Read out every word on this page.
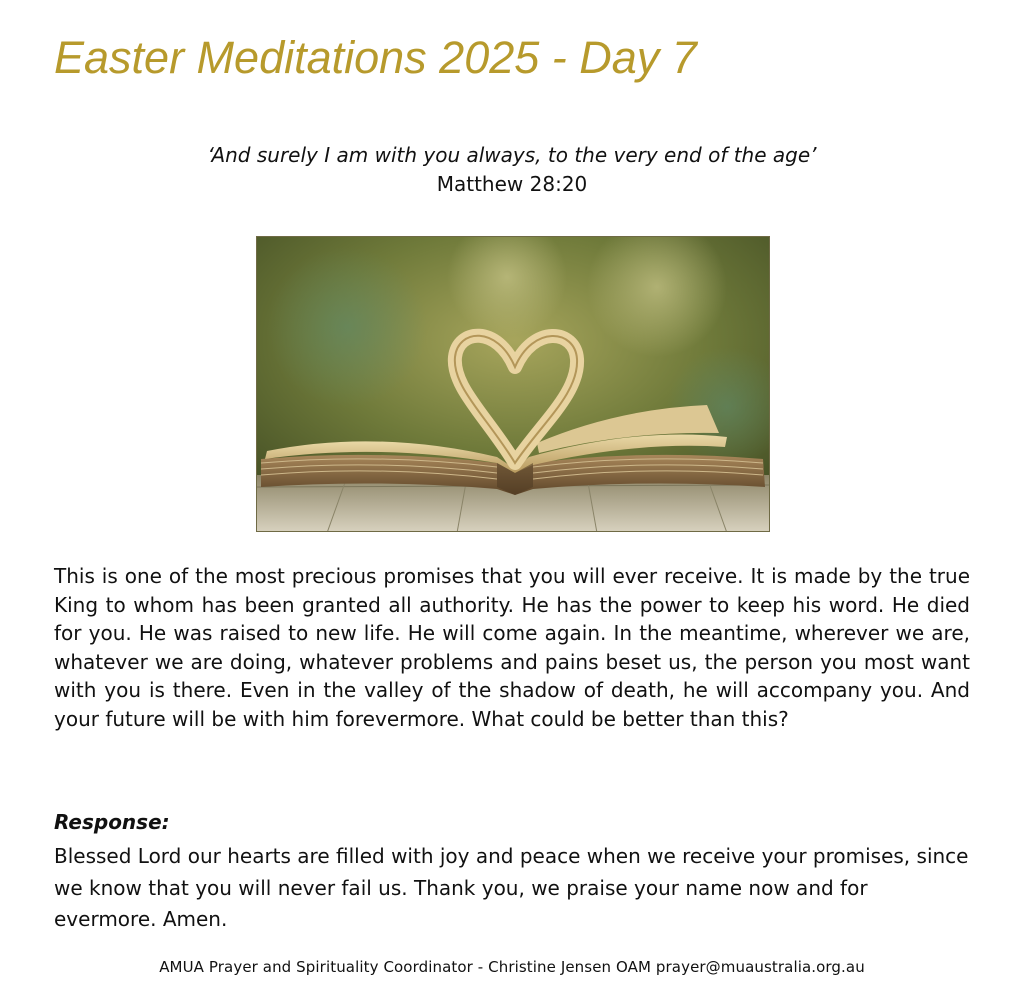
Easter Meditations 2025 - Day 7
‘And surely I am with you always, to the very end of the age’
Matthew 28:20

This is one of the most precious promises that you will ever receive. It is made by the true King to whom has been granted all authority. He has the power to keep his word. He died for you. He was raised to new life. He will come again. In the meantime, wherever we are, whatever we are doing, whatever problems and pains beset us, the person you most want with you is there. Even in the valley of the shadow of death, he will accompany you. And your future will be with him forevermore. What could be better than this?

Response:

Blessed Lord our hearts are filled with joy and peace when we receive your promises, since we know that you will never fail us. Thank you, we praise your name now and for evermore. Amen.

AMUA Prayer and Spirituality Coordinator - Christine Jensen OAM prayer@muaustralia.org.au
